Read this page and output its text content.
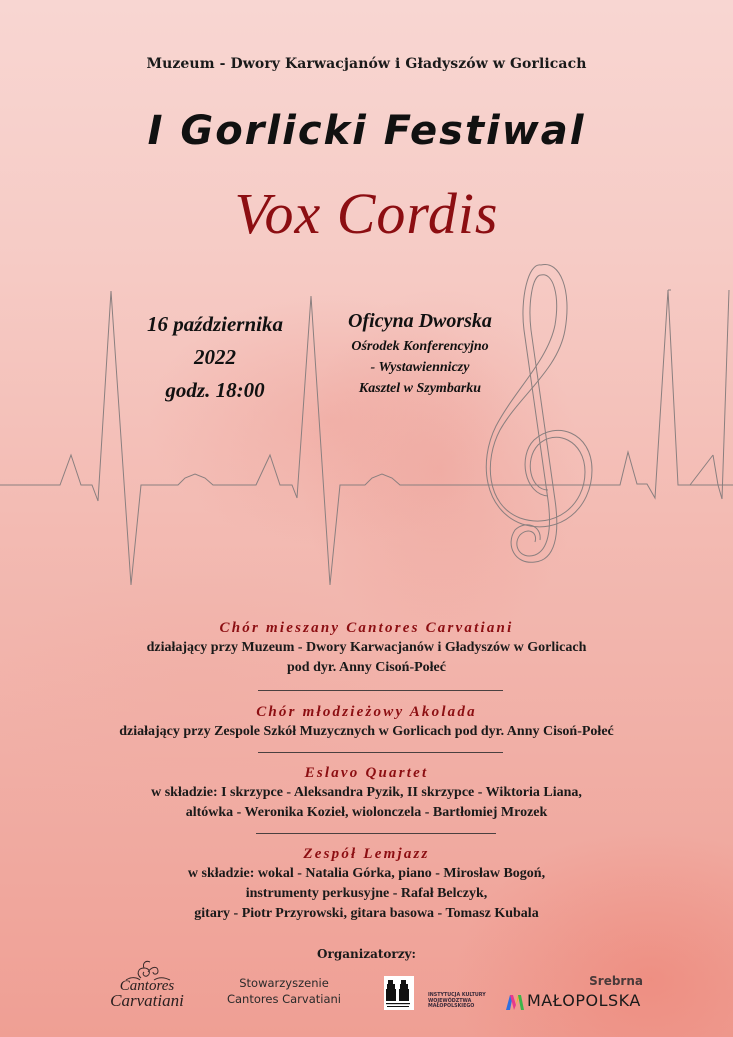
Muzeum - Dwory Karwacjanów i Gładyszów w Gorlicach
I Gorlicki Festiwal
Vox Cordis
16 października
2022
godz. 18:00
Oficyna Dworska
Ośrodek Konferencyjno
- Wystawienniczy
Kasztel w Szymbarku
Chór mieszany Cantores Carvatiani
działający przy Muzeum - Dwory Karwacjanów i Gładyszów w Gorlicach
pod dyr. Anny Cisoń-Połeć
Chór młodzieżowy Akolada
działający przy Zespole Szkół Muzycznych w Gorlicach pod dyr. Anny Cisoń-Połeć
Eslavo Quartet
w składzie: I skrzypce - Aleksandra Pyzik, II skrzypce - Wiktoria Liana,
altówka - Weronika Kozieł, wiolonczela - Bartłomiej Mrozek
Zespół Lemjazz
w składzie: wokal - Natalia Górka, piano - Mirosław Bogoń,
instrumenty perkusyjne - Rafał Belczyk,
gitary - Piotr Przyrowski, gitara basowa - Tomasz Kubala
Organizatorzy:
Cantores
Carvatiani
Stowarzyszenie
Cantores Carvatiani	INSTYTUCJA KULTURY
WOJEWÓDZTWA
MAŁOPOLSKIEGO
Srebrna
MAŁOPOLSKA
